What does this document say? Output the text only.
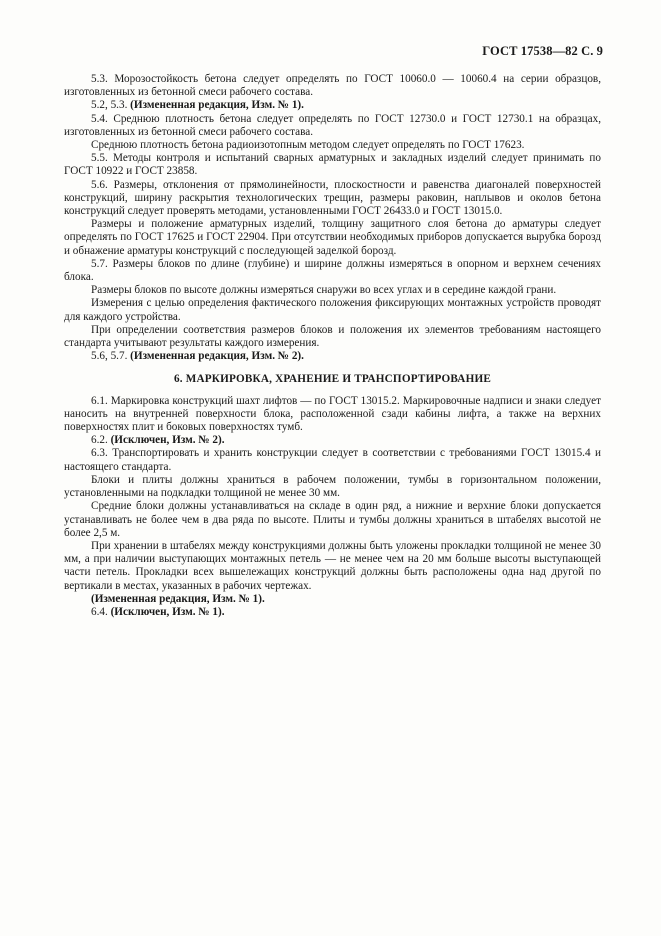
ГОСТ 17538—82 С. 9

5.3. Морозостойкость бетона следует определять по ГОСТ 10060.0 — 10060.4 на серии образцов, изготовленных из бетонной смеси рабочего состава.

5.2, 5.3. (Измененная редакция, Изм. № 1).

5.4. Среднюю плотность бетона следует определять по ГОСТ 12730.0 и ГОСТ 12730.1 на образцах, изготовленных из бетонной смеси рабочего состава.

Среднюю плотность бетона радиоизотопным методом следует определять по ГОСТ 17623.

5.5. Методы контроля и испытаний сварных арматурных и закладных изделий следует принимать по ГОСТ 10922 и ГОСТ 23858.

5.6. Размеры, отклонения от прямолинейности, плоскостности и равенства диагоналей поверхностей конструкций, ширину раскрытия технологических трещин, размеры раковин, наплывов и околов бетона конструкций следует проверять методами, установленными ГОСТ 26433.0 и ГОСТ 13015.0.

Размеры и положение арматурных изделий, толщину защитного слоя бетона до арматуры следует определять по ГОСТ 17625 и ГОСТ 22904. При отсутствии необходимых приборов допускается вырубка борозд и обнажение арматуры конструкций с последующей заделкой борозд.

5.7. Размеры блоков по длине (глубине) и ширине должны измеряться в опорном и верхнем сечениях блока.

Размеры блоков по высоте должны измеряться снаружи во всех углах и в середине каждой грани.

Измерения с целью определения фактического положения фиксирующих монтажных устройств проводят для каждого устройства.

При определении соответствия размеров блоков и положения их элементов требованиям настоящего стандарта учитывают результаты каждого измерения.

5.6, 5.7. (Измененная редакция, Изм. № 2).

6. МАРКИРОВКА, ХРАНЕНИЕ И ТРАНСПОРТИРОВАНИЕ

6.1. Маркировка конструкций шахт лифтов — по ГОСТ 13015.2. Маркировочные надписи и знаки следует наносить на внутренней поверхности блока, расположенной сзади кабины лифта, а также на верхних поверхностях плит и боковых поверхностях тумб.

6.2. (Исключен, Изм. № 2).

6.3. Транспортировать и хранить конструкции следует в соответствии с требованиями ГОСТ 13015.4 и настоящего стандарта.

Блоки и плиты должны храниться в рабочем положении, тумбы в горизонтальном положении, установленными на подкладки толщиной не менее 30 мм.

Средние блоки должны устанавливаться на складе в один ряд, а нижние и верхние блоки допускается устанавливать не более чем в два ряда по высоте. Плиты и тумбы должны храниться в штабелях высотой не более 2,5 м.

При хранении в штабелях между конструкциями должны быть уложены прокладки толщиной не менее 30 мм, а при наличии выступающих монтажных петель — не менее чем на 20 мм больше высоты выступающей части петель. Прокладки всех вышележащих конструкций должны быть расположены одна над другой по вертикали в местах, указанных в рабочих чертежах.

(Измененная редакция, Изм. № 1).

6.4. (Исключен, Изм. № 1).
